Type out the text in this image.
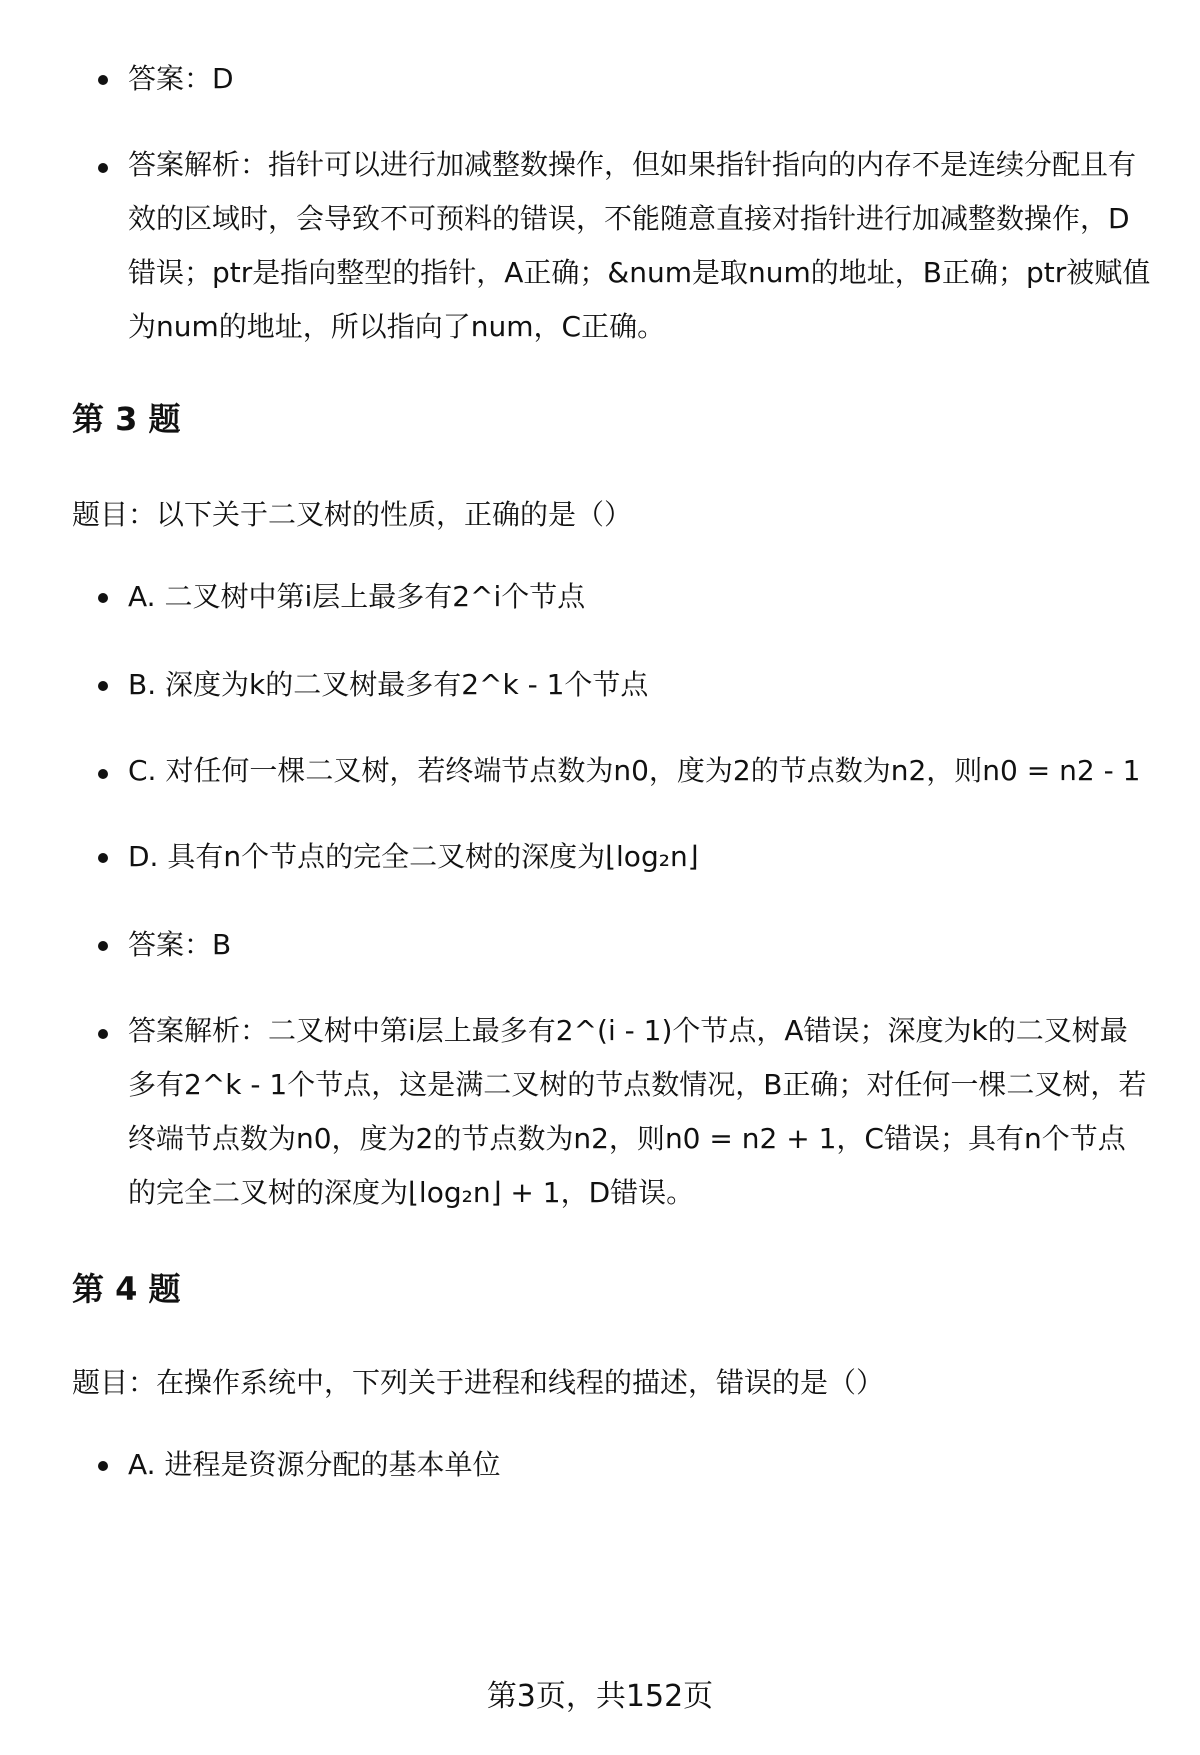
答案：D
答案解析：指针可以进行加减整数操作，但如果指针指向的内存不是连续分配且有效的区域时，会导致不可预料的错误，不能随意直接对指针进行加减整数操作，D错误；ptr是指向整型的指针，A正确；&num是取num的地址，B正确；ptr被赋值为num的地址，所以指向了num，C正确。
第 3 题

题目：以下关于二叉树的性质，正确的是（）

A. 二叉树中第i层上最多有2^i个节点
B. 深度为k的二叉树最多有2^k - 1个节点
C. 对任何一棵二叉树，若终端节点数为n0，度为2的节点数为n2，则n0 = n2 - 1
D. 具有n个节点的完全二叉树的深度为⌊log₂n⌋
答案：B
答案解析：二叉树中第i层上最多有2^(i - 1)个节点，A错误；深度为k的二叉树最多有2^k - 1个节点，这是满二叉树的节点数情况，B正确；对任何一棵二叉树，若终端节点数为n0，度为2的节点数为n2，则n0 = n2 + 1，C错误；具有n个节点的完全二叉树的深度为⌊log₂n⌋ + 1，D错误。
第 4 题

题目：在操作系统中，下列关于进程和线程的描述，错误的是（）

A. 进程是资源分配的基本单位
第3页，共152页
